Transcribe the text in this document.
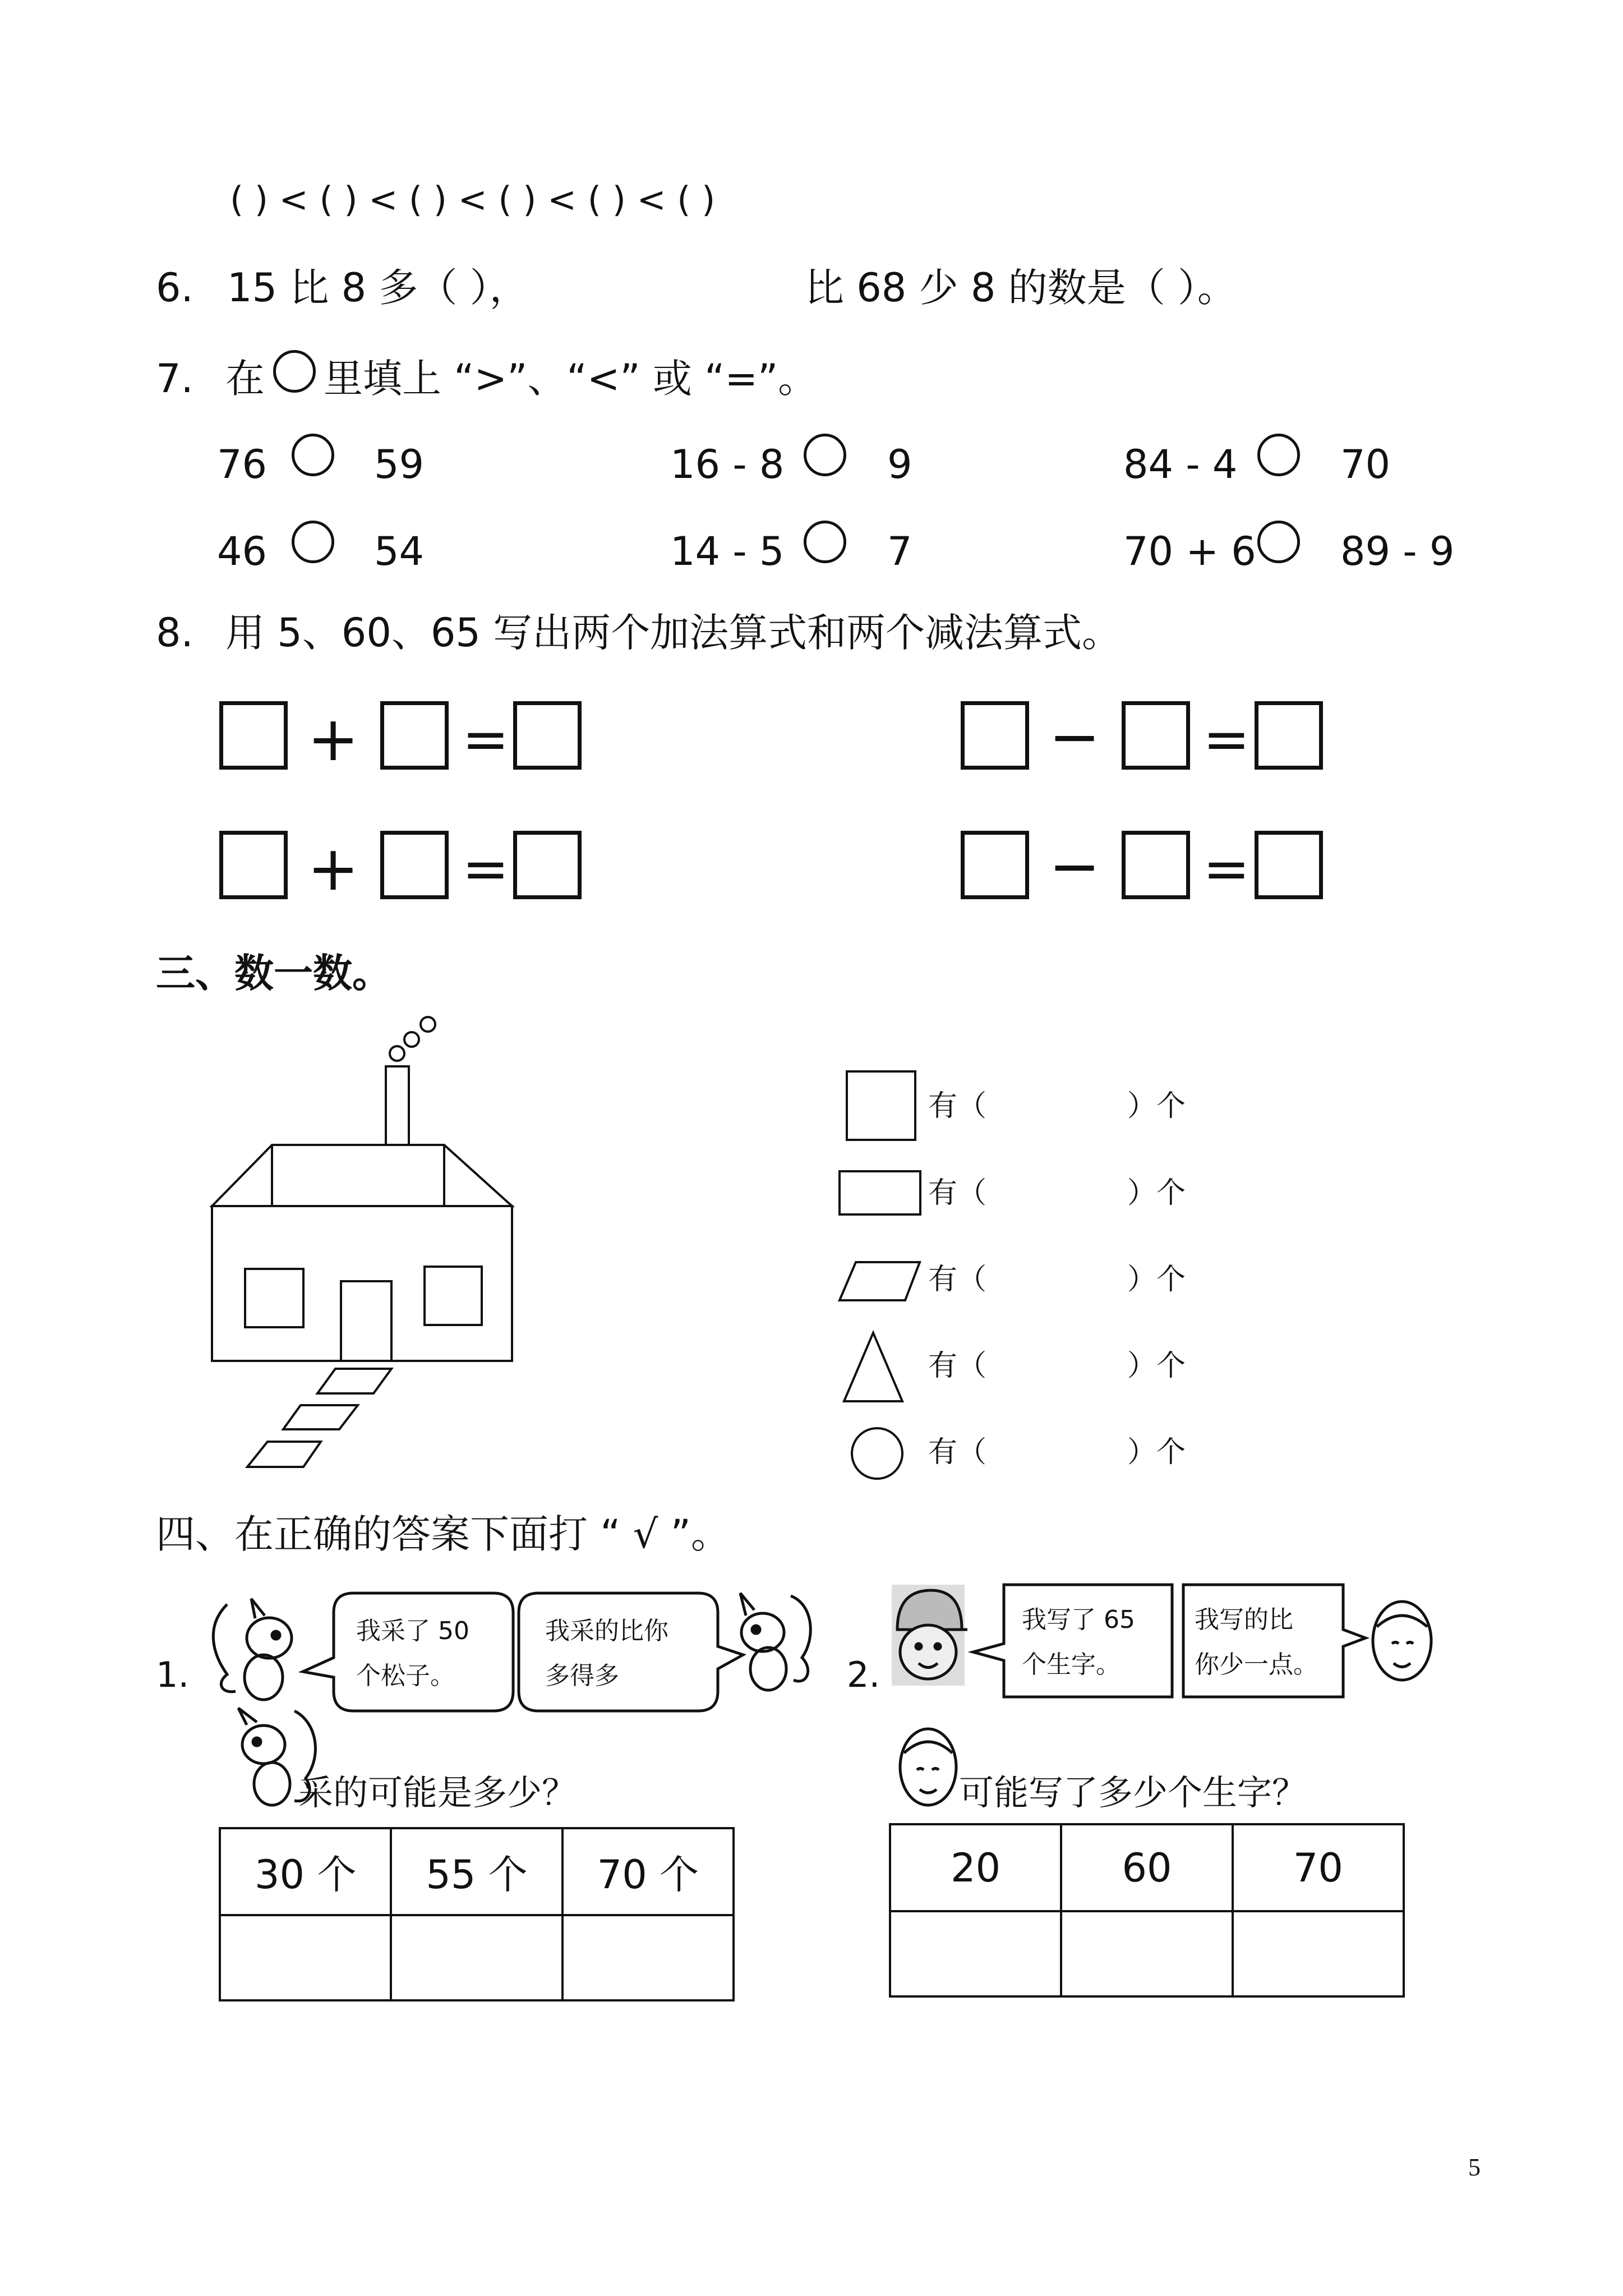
( ) < ( ) < ( ) < ( ) < ( ) < ( )
6. 15 比 8 多（ ），	比 68 少 8 的数是（ ）。
7. 在 里填上 “>”、“<” 或 “=”。
76	59	16 - 8	9	84 - 4	70
46	54	14 - 5	7	70 + 6 89 - 9
8. 用 5、60、65 写出两个加法算式和两个减法算式。
+ =	− =
+ =	− =
三、数一数。
有（	）个
有（	）个
有（	）个
有（	）个
有（	）个
四、在正确的答案下面打 “ √ ”。
1.
我采了 50
个松子。
我采的比你
多得多
采的可能是多少？
30 个	55 个	70 个

2.
我写了 65
个生字。
我写的比
你少一点。
可能写了多少个生字？
20	60	70

5
